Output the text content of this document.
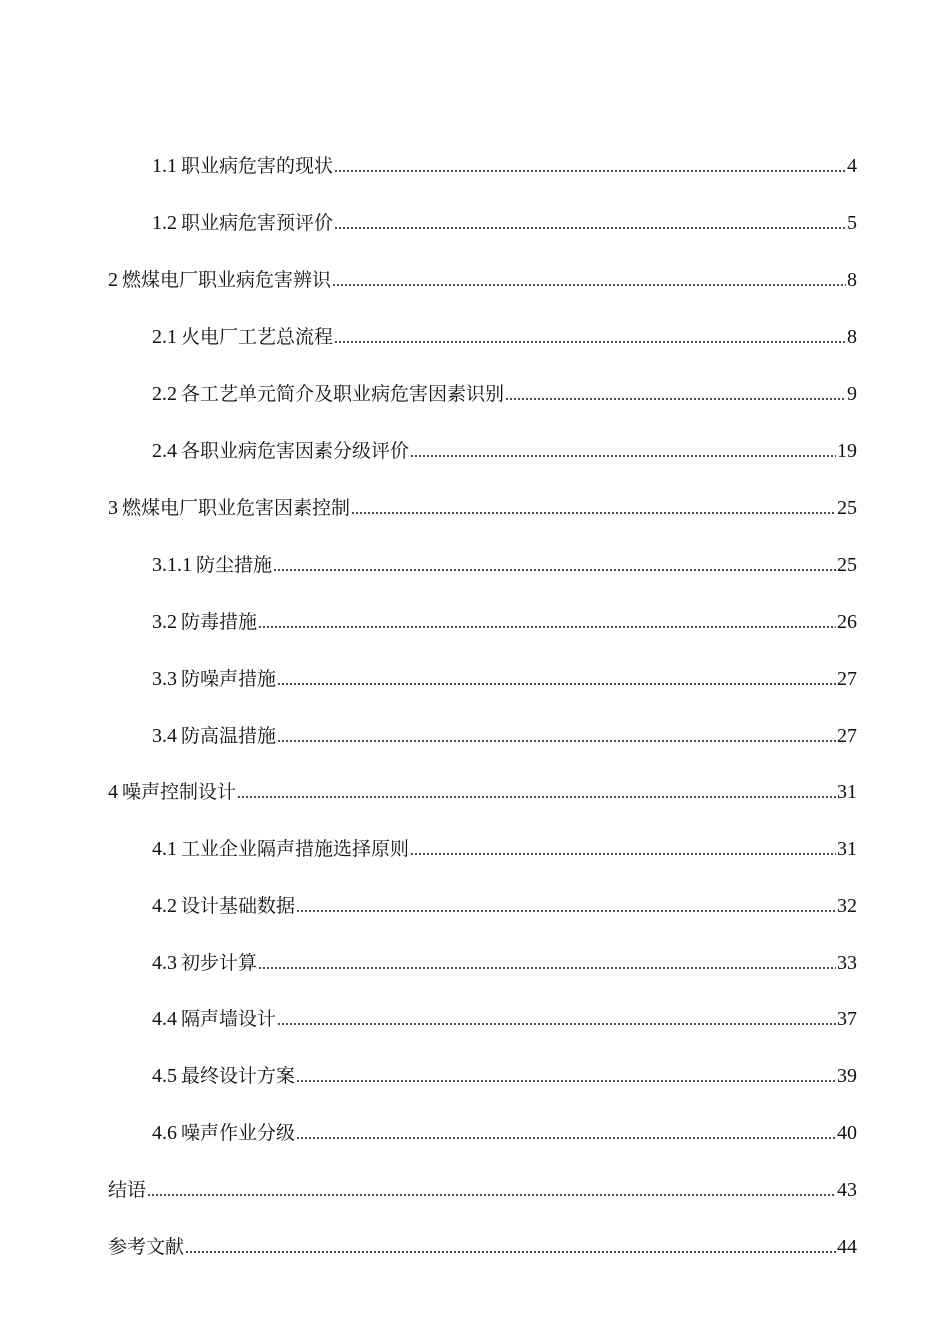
1.1 职业病危害的现状	4
1.2 职业病危害预评价	5
2 燃煤电厂职业病危害辨识	8
2.1 火电厂工艺总流程	8
2.2 各工艺单元简介及职业病危害因素识别	9
2.4 各职业病危害因素分级评价	19
3 燃煤电厂职业危害因素控制	25
3.1.1 防尘措施	25
3.2 防毒措施	26
3.3 防噪声措施	27
3.4 防高温措施	27
4 噪声控制设计	31
4.1 工业企业隔声措施选择原则	31
4.2 设计基础数据	32
4.3 初步计算	33
4.4 隔声墙设计	37
4.5 最终设计方案	39
4.6 噪声作业分级	40
结语	43
参考文献	44
